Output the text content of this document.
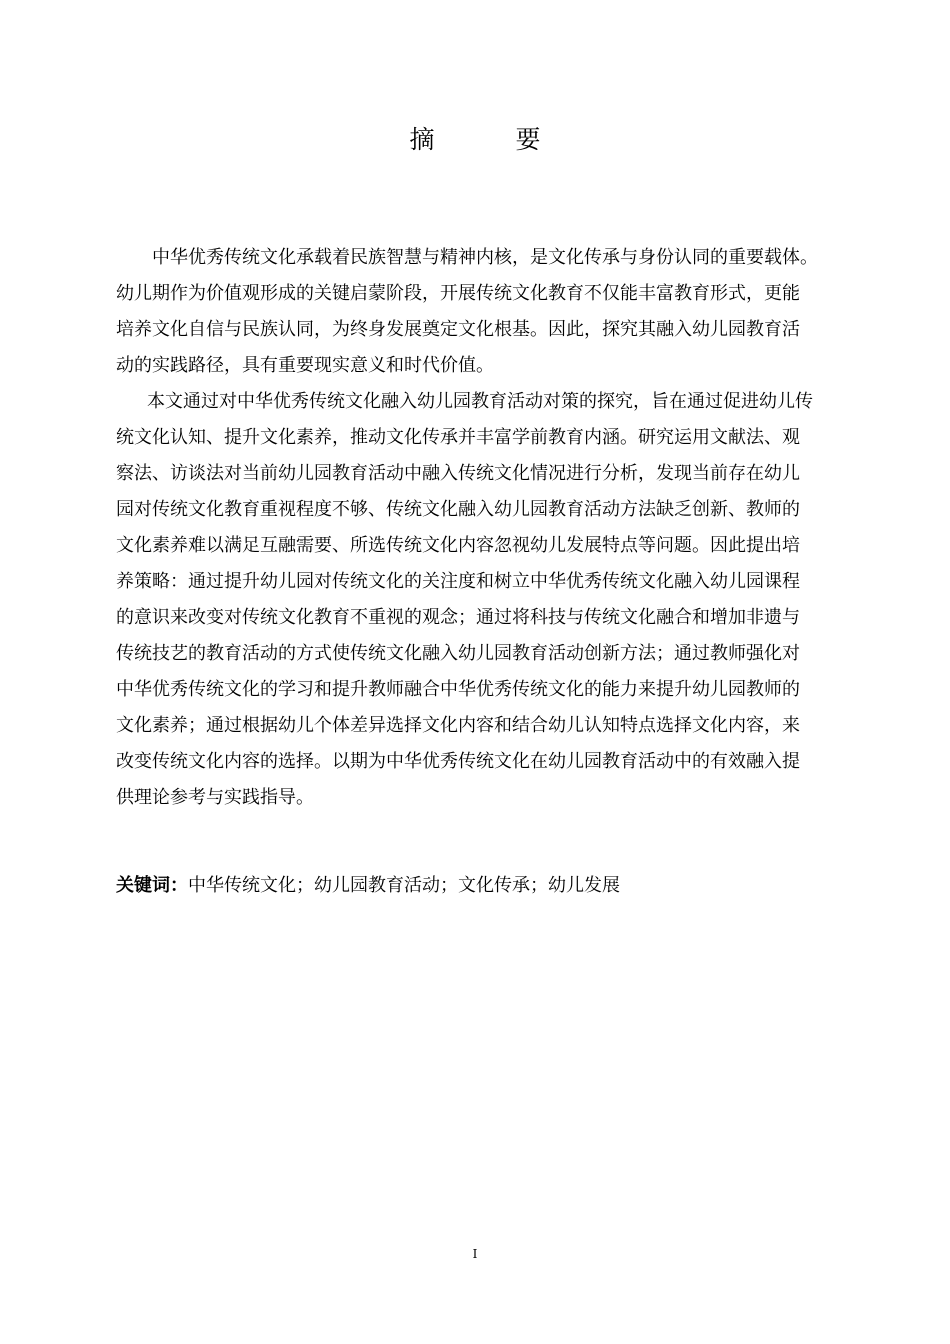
摘　要
中华优秀传统文化承载着民族智慧与精神内核，是文化传承与身份认同的重要载体。
幼儿期作为价值观形成的关键启蒙阶段，开展传统文化教育不仅能丰富教育形式，更能
培养文化自信与民族认同，为终身发展奠定文化根基。因此，探究其融入幼儿园教育活
动的实践路径，具有重要现实意义和时代价值。
本文通过对中华优秀传统文化融入幼儿园教育活动对策的探究，旨在通过促进幼儿传
统文化认知、提升文化素养，推动文化传承并丰富学前教育内涵。研究运用文献法、观
察法、访谈法对当前幼儿园教育活动中融入传统文化情况进行分析，发现当前存在幼儿
园对传统文化教育重视程度不够、传统文化融入幼儿园教育活动方法缺乏创新、教师的
文化素养难以满足互融需要、所选传统文化内容忽视幼儿发展特点等问题。因此提出培
养策略：通过提升幼儿园对传统文化的关注度和树立中华优秀传统文化融入幼儿园课程
的意识来改变对传统文化教育不重视的观念；通过将科技与传统文化融合和增加非遗与
传统技艺的教育活动的方式使传统文化融入幼儿园教育活动创新方法；通过教师强化对
中华优秀传统文化的学习和提升教师融合中华优秀传统文化的能力来提升幼儿园教师的
文化素养；通过根据幼儿个体差异选择文化内容和结合幼儿认知特点选择文化内容，来
改变传统文化内容的选择。以期为中华优秀传统文化在幼儿园教育活动中的有效融入提
供理论参考与实践指导。
关键词：中华传统文化；幼儿园教育活动；文化传承；幼儿发展
I
